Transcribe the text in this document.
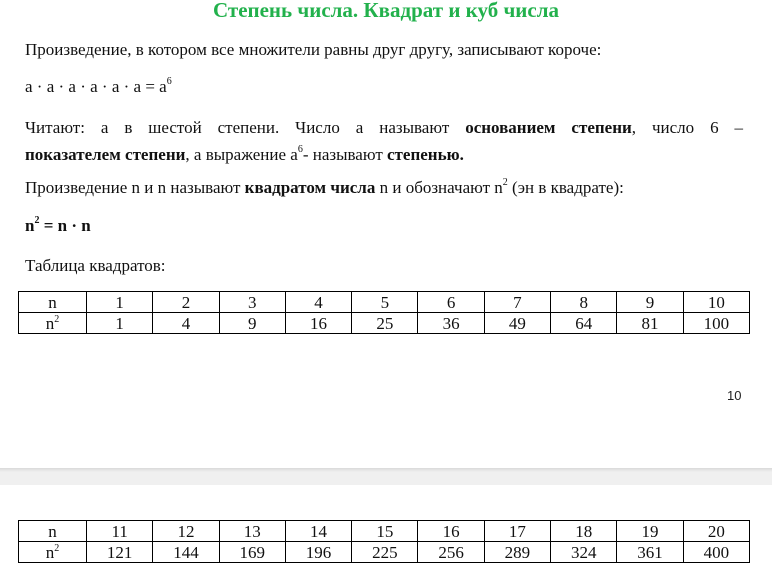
Степень числа. Квадрат и куб числа
Произведение, в котором все множители равны друг другу, записывают короче:
$a \cdot a \cdot a \cdot a \cdot a \cdot a = a^6$
Читают: а в шестой степени. Число а называют основанием степени, число 6 –
показателем степени, а выражение $a^6-$ называют степенью.
Произведение n и n называют квадратом числа n и обозначают $n^2$ (эн в квадрате):
$n^2 = n \cdot n$
Таблица квадратов:
n	1	2	3	4	5	6	7	8	9	10
$n^2$	1	4	9	16	25	36	49	64	81	100
10
n	11	12	13	14	15	16	17	18	19	20
$n^2$	121	144	169	196	225	256	289	324	361	400
